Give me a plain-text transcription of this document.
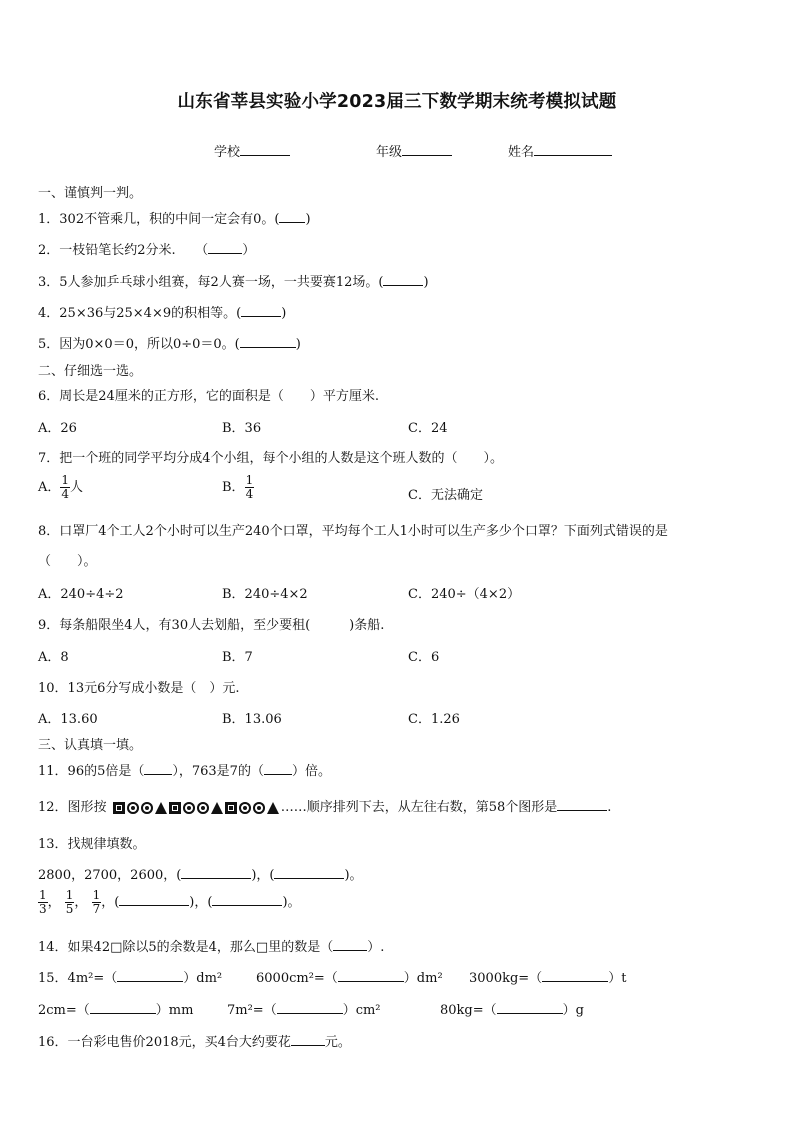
山东省莘县实验小学2023届三下数学期末统考模拟试题
学校	年级	姓名
一、谨慎判一判。
1．302不管乘几，积的中间一定会有0。( )
2．一枝铅笔长约2分米.　　（	）
3．5人参加乒乓球小组赛，每2人赛一场，一共要赛12场。(	)
4．25×36与25×4×9的积相等。(	)
5．因为0×0＝0，所以0÷0＝0。(	)
二、仔细选一选。
6．周长是24厘米的正方形，它的面积是（　　）平方厘米.
A．26	B．36	C．24
7．把一个班的同学平均分成4个小组，每个小组的人数是这个班人数的（　　）。
A． $\frac{1}{4}$ 人	B． $\frac{1}{4}$	C．无法确定
8．口罩厂4个工人2个小时可以生产240个口罩，平均每个工人1小时可以生产多少个口罩？下面列式错误的是
（　　）。
A．240÷4÷2	B．240÷4×2	C．240÷（4×2）
9．每条船限坐4人，有30人去划船，至少要租(　　　)条船.
A．8	B．7	C．6
10．13元6分写成小数是（　）元.
A．13.60	B．13.06	C．1.26
三、认真填一填。
11．96的5倍是（ ），763是7的（ ）倍。
12．图形按	……顺序排列下去，从左往右数，第58个图形是	.
13．找规律填数。
2800，2700，2600，(	)，(	)。
$\frac{1}{3}$ ， $\frac{1}{5}$ ， $\frac{1}{7}$ ，(	)，(	)。
14．如果42□除以5的余数是4，那么□里的数是（	）.
15．4m²=（	）dm²	6000cm²=（	）dm² 3000kg=（	）t
2cm=（	）mm	7m²=（	）cm²	80kg=（	）g
16．一台彩电售价2018元，买4台大约要花	元。
